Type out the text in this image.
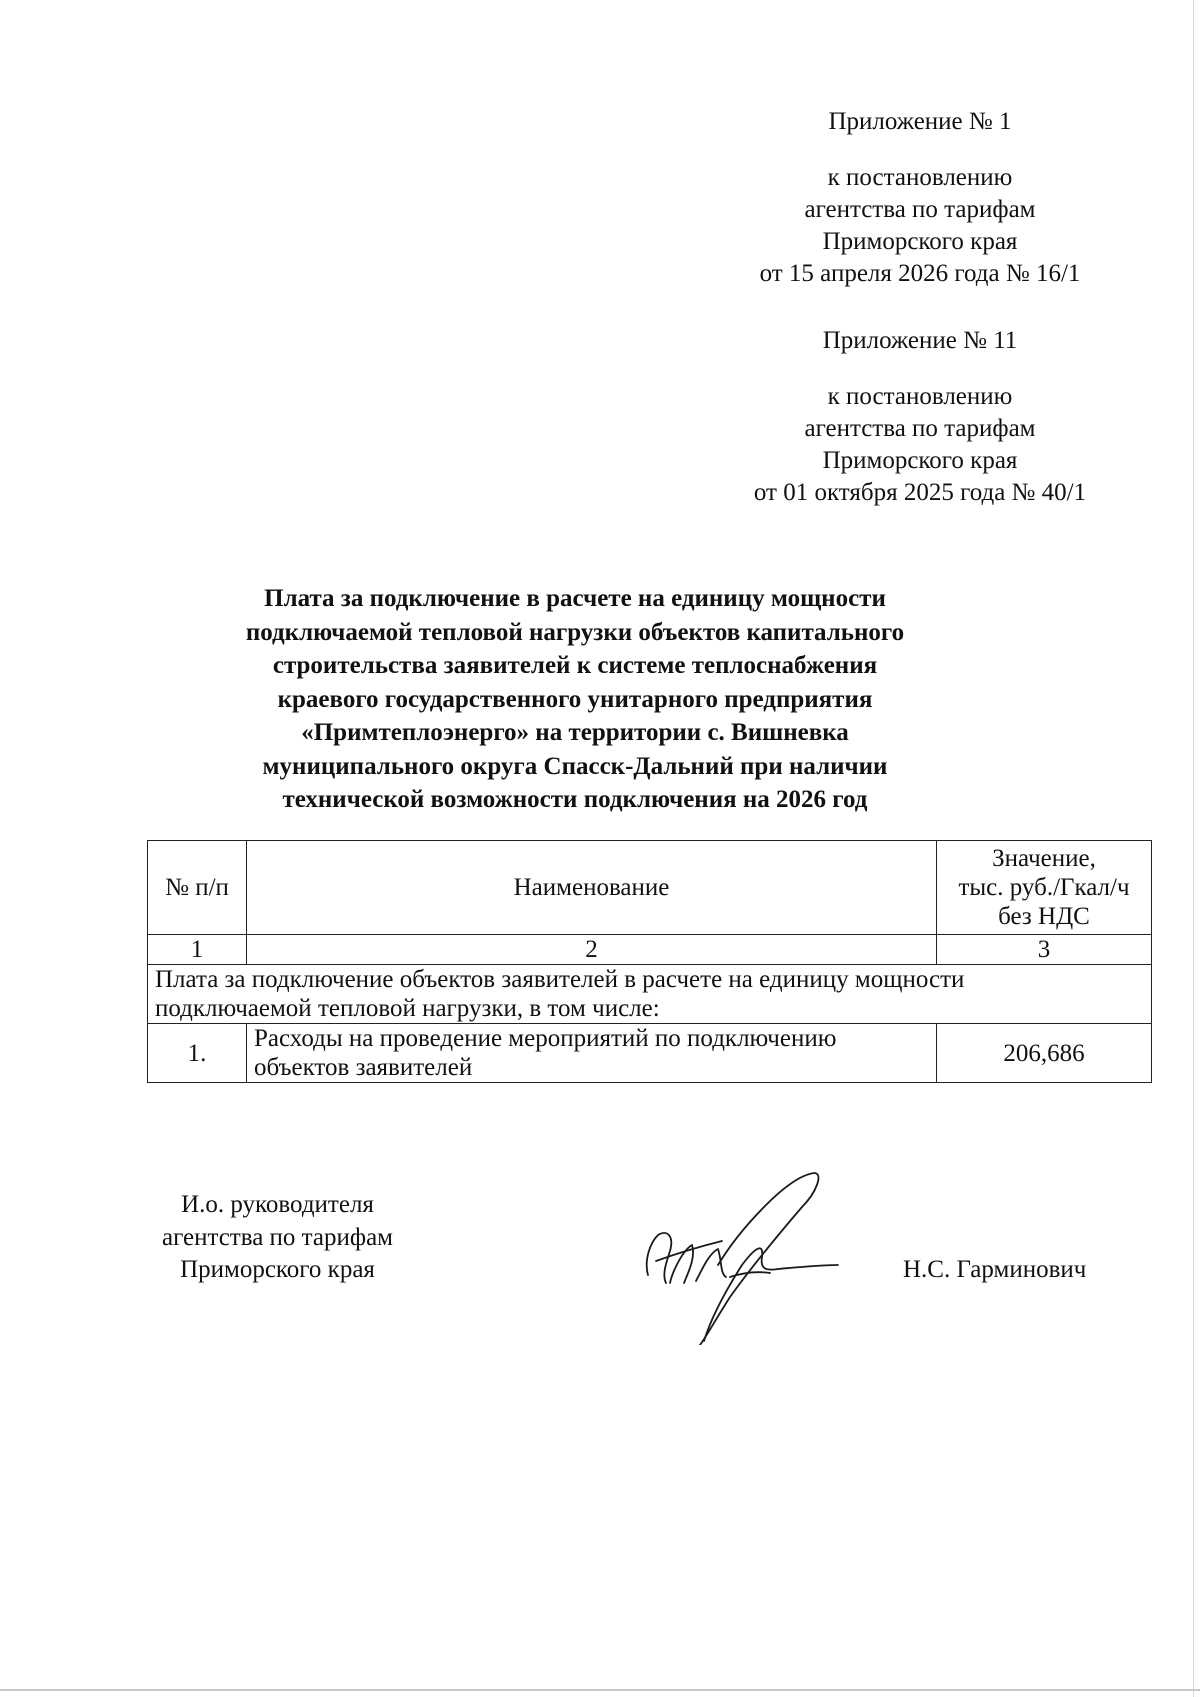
Приложение № 1
к постановлению
агентства по тарифам
Приморского края
от 15 апреля 2026 года № 16/1
Приложение № 11
к постановлению
агентства по тарифам
Приморского края
от 01 октября 2025 года № 40/1
Плата за подключение в расчете на единицу мощности
подключаемой тепловой нагрузки объектов капитального
строительства заявителей к системе теплоснабжения
краевого государственного унитарного предприятия
«Примтеплоэнерго» на территории с. Вишневка
муниципального округа Спасск-Дальний при наличии
технической возможности подключения на 2026 год
№ п/п	Наименование	Значение,
тыс. руб./Гкал/ч
без НДС

1	2	3

Плата за подключение объектов заявителей в расчете на единицу мощности
подключаемой тепловой нагрузки, в том числе:		

1.	Расходы на проведение мероприятий по подключению
объектов заявителей	206,686
И.о. руководителя
агентства по тарифам
Приморского края	Н.С. Гарминович
